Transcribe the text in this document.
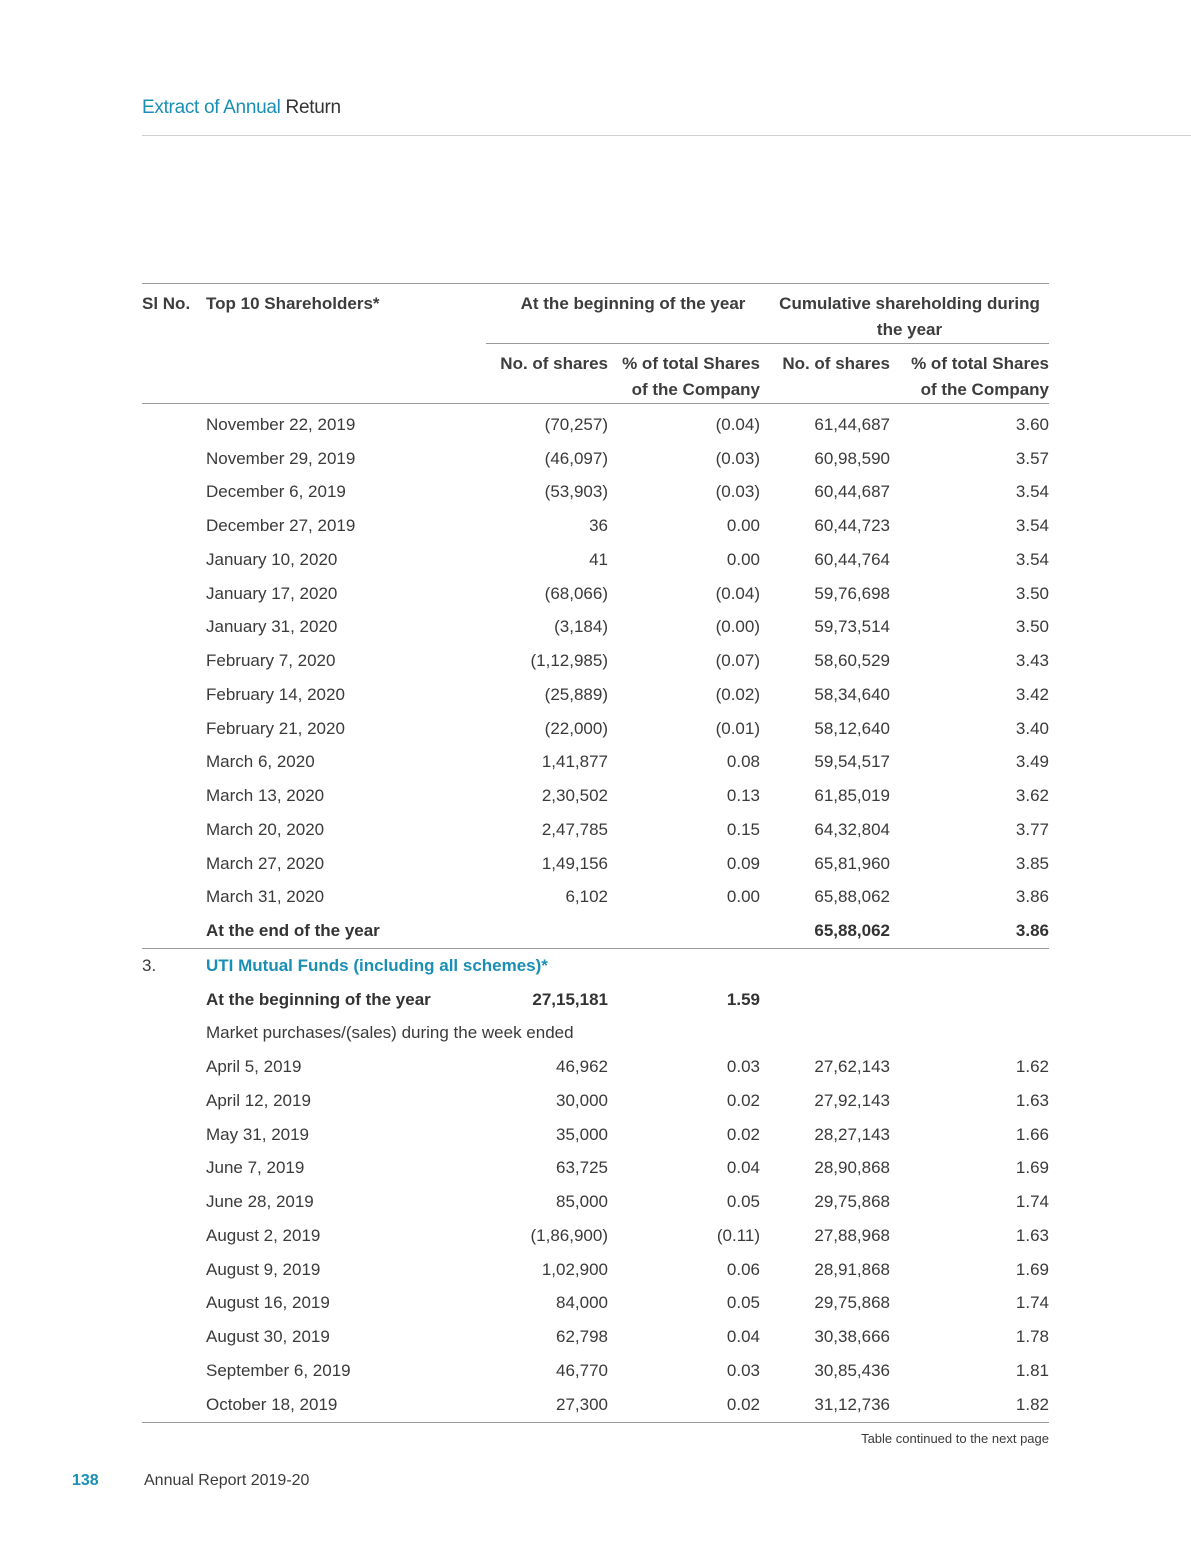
Extract of Annual Return
Sl No.	Top 10 Shareholders*	At the beginning of the year		Cumulative shareholding during
the year	
		No. of shares	% of total Shares
of the Company	No. of shares	% of total Shares
of the Company
	November 22, 2019	(70,257)	(0.04)	61,44,687	3.60
	November 29, 2019	(46,097)	(0.03)	60,98,590	3.57
	December 6, 2019	(53,903)	(0.03)	60,44,687	3.54
	December 27, 2019	36	0.00	60,44,723	3.54
	January 10, 2020	41	0.00	60,44,764	3.54
	January 17, 2020	(68,066)	(0.04)	59,76,698	3.50
	January 31, 2020	(3,184)	(0.00)	59,73,514	3.50
	February 7, 2020	(1,12,985)	(0.07)	58,60,529	3.43
	February 14, 2020	(25,889)	(0.02)	58,34,640	3.42
	February 21, 2020	(22,000)	(0.01)	58,12,640	3.40
	March 6, 2020	1,41,877	0.08	59,54,517	3.49
	March 13, 2020	2,30,502	0.13	61,85,019	3.62
	March 20, 2020	2,47,785	0.15	64,32,804	3.77
	March 27, 2020	1,49,156	0.09	65,81,960	3.85
	March 31, 2020	6,102	0.00	65,88,062	3.86
	At the end of the year			65,88,062	3.86
3.	UTI Mutual Funds (including all schemes)*				
	At the beginning of the year	27,15,181	1.59		
	Market purchases/(sales) during the week ended				
	April 5, 2019	46,962	0.03	27,62,143	1.62
	April 12, 2019	30,000	0.02	27,92,143	1.63
	May 31, 2019	35,000	0.02	28,27,143	1.66
	June 7, 2019	63,725	0.04	28,90,868	1.69
	June 28, 2019	85,000	0.05	29,75,868	1.74
	August 2, 2019	(1,86,900)	(0.11)	27,88,968	1.63
	August 9, 2019	1,02,900	0.06	28,91,868	1.69
	August 16, 2019	84,000	0.05	29,75,868	1.74
	August 30, 2019	62,798	0.04	30,38,666	1.78
	September 6, 2019	46,770	0.03	30,85,436	1.81
	October 18, 2019	27,300	0.02	31,12,736	1.82
Table continued to the next page
138	Annual Report 2019-20
